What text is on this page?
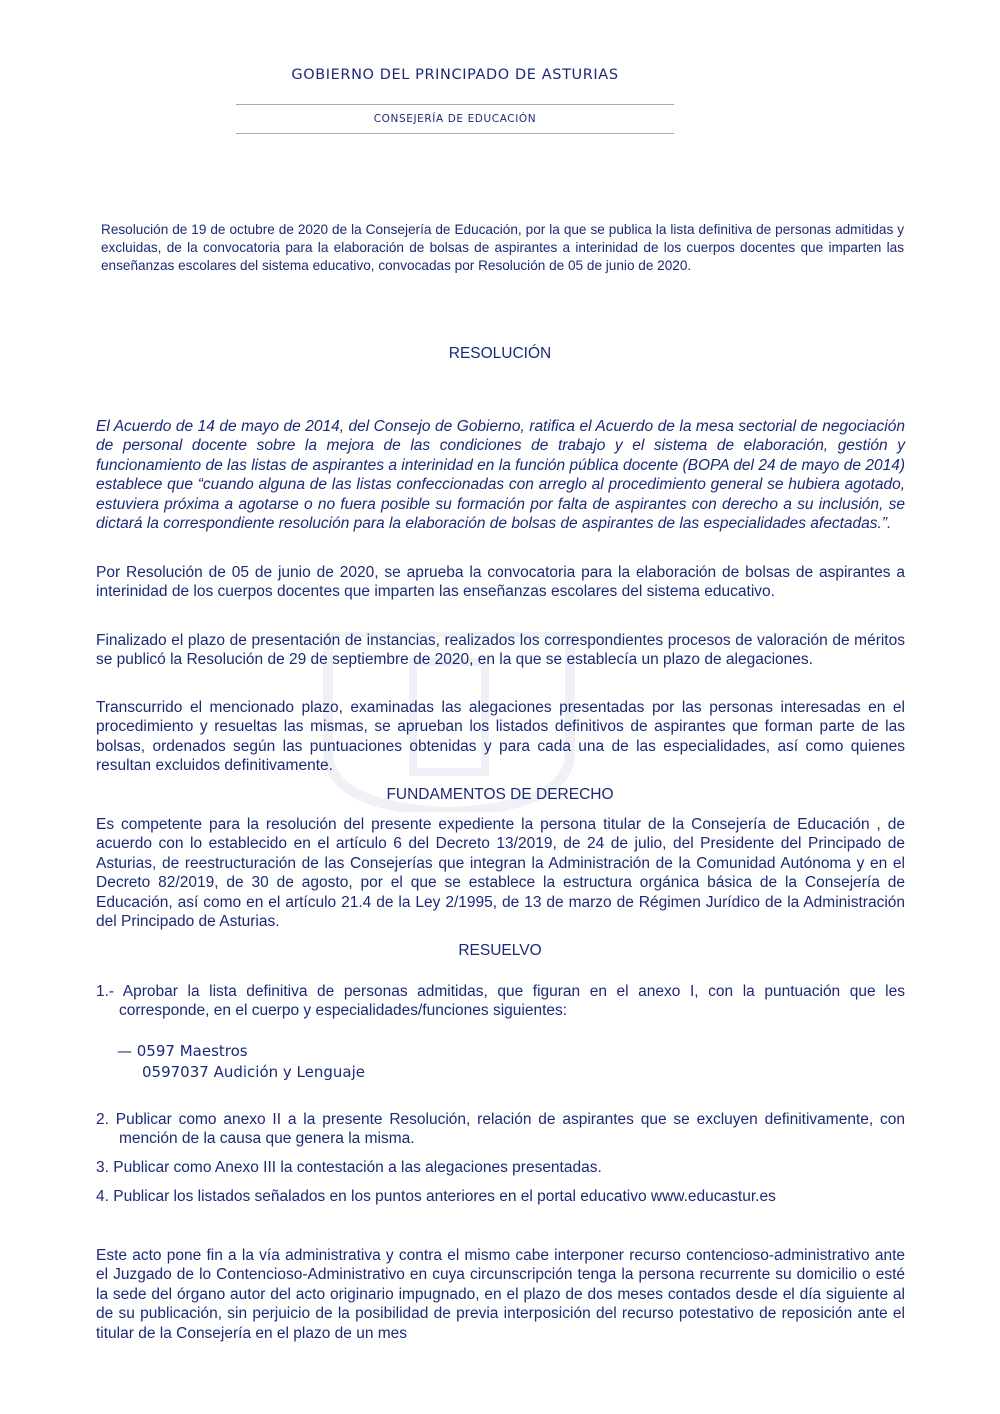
GOBIERNO DEL PRINCIPADO DE ASTURIAS
CONSEJERÍA DE EDUCACIÓN

Resolución de 19 de octubre de 2020 de la Consejería de Educación, por la que se publica la lista definitiva de personas admitidas y excluidas, de la convocatoria para la elaboración de bolsas de aspirantes a interinidad de los cuerpos docentes que imparten las enseñanzas escolares del sistema educativo, convocadas por Resolución de 05 de junio de 2020.

RESOLUCIÓN

El Acuerdo de 14 de mayo de 2014, del Consejo de Gobierno, ratifica el Acuerdo de la mesa sectorial de negociación de personal docente sobre la mejora de las condiciones de trabajo y el sistema de elaboración, gestión y funcionamiento de las listas de aspirantes a interinidad en la función pública docente (BOPA del 24 de mayo de 2014) establece que “cuando alguna de las listas confeccionadas con arreglo al procedimiento general se hubiera agotado, estuviera próxima a agotarse o no fuera posible su formación por falta de aspirantes con derecho a su inclusión, se dictará la correspondiente resolución para la elaboración de bolsas de aspirantes de las especialidades afectadas.”.

Por Resolución de 05 de junio de 2020, se aprueba la convocatoria para la elaboración de bolsas de aspirantes a interinidad de los cuerpos docentes que imparten las enseñanzas escolares del sistema educativo.

Finalizado el plazo de presentación de instancias, realizados los correspondientes procesos de valoración de méritos se publicó la Resolución de 29 de septiembre de 2020, en la que se establecía un plazo de alegaciones.

Transcurrido el mencionado plazo, examinadas las alegaciones presentadas por las personas interesadas en el procedimiento y resueltas las mismas, se aprueban los listados definitivos de aspirantes que forman parte de las bolsas, ordenados según las puntuaciones obtenidas y para cada una de las especialidades, así como quienes resultan excluidos definitivamente.

FUNDAMENTOS DE DERECHO

Es competente para la resolución del presente expediente la persona titular de la Consejería de Educación , de acuerdo con lo establecido en el artículo 6 del Decreto 13/2019, de 24 de julio, del Presidente del Principado de Asturias, de reestructuración de las Consejerías que integran la Administración de la Comunidad Autónoma y en el Decreto 82/2019, de 30 de agosto, por el que se establece la estructura orgánica básica de la Consejería de Educación, así como en el artículo 21.4 de la Ley 2/1995, de 13 de marzo de Régimen Jurídico de la Administración del Principado de Asturias.

RESUELVO

1.- Aprobar la lista definitiva de personas admitidas, que figuran en el anexo I, con la puntuación que les corresponde, en el cuerpo y especialidades/funciones siguientes:

— 0597 Maestros
0597037 Audición y Lenguaje

2. Publicar como anexo II a la presente Resolución, relación de aspirantes que se excluyen definitivamente, con mención de la causa que genera la misma.

3. Publicar como Anexo III la contestación a las alegaciones presentadas.

4. Publicar los listados señalados en los puntos anteriores en el portal educativo www.educastur.es

Este acto pone fin a la vía administrativa y contra el mismo cabe interponer recurso contencioso-administrativo ante el Juzgado de lo Contencioso-Administrativo en cuya circunscripción tenga la persona recurrente su domicilio o esté la sede del órgano autor del acto originario impugnado, en el plazo de dos meses contados desde el día siguiente al de su publicación, sin perjuicio de la posibilidad de previa interposición del recurso potestativo de reposición ante el titular de la Consejería en el plazo de un mes
